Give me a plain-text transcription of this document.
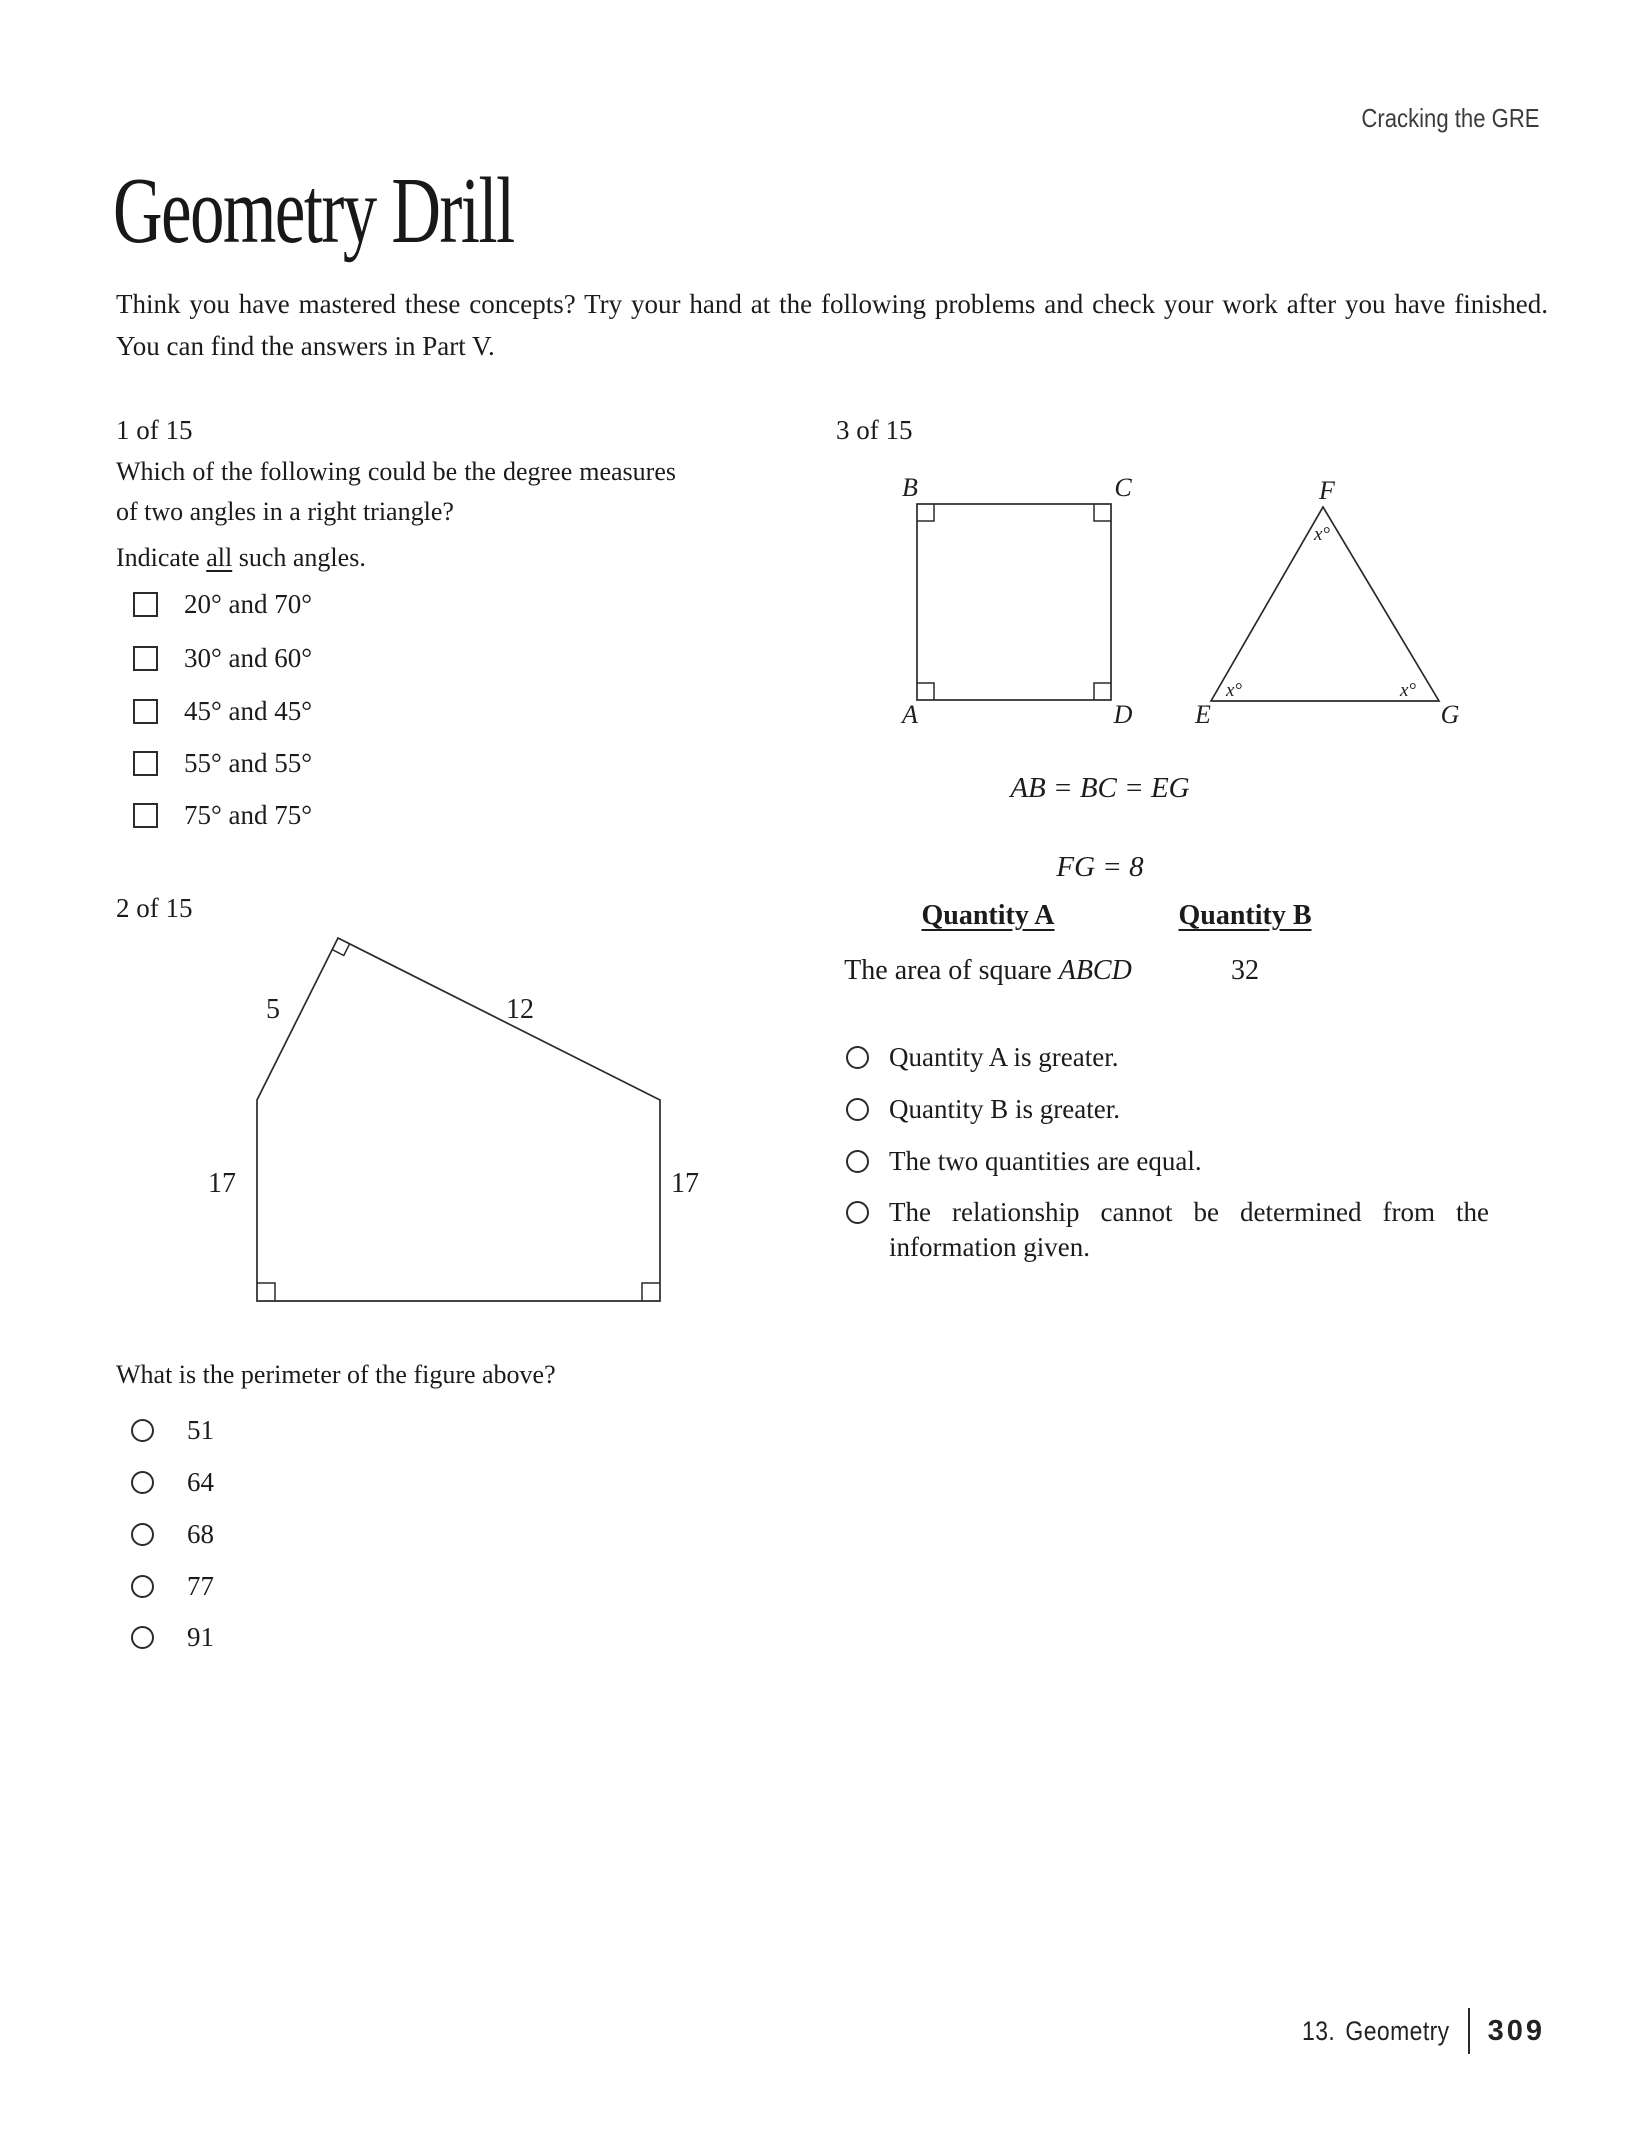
Cracking the GRE
Geometry Drill

Think you have mastered these concepts? Try your hand at the following problems and check your work after you have finished. You can find the answers in Part V.

1 of 15
Which of the following could be the degree measures of two angles in a right triangle?
Indicate all such angles.
20° and 70°
30° and 60°
45° and 45°
55° and 55°
75° and 75°
2 of 15
5	12
17	17
What is the perimeter of the figure above?
51
64
68
77
91
3 of 15
B	C
A	D E
F
G
x°
x°	x°
AB = BC = EG
FG = 8
Quantity A	Quantity B
The area of square ABCD	32
Quantity A is greater.
Quantity B is greater.
The two quantities are equal.
The relationship cannot be determined from the information given.
13. Geometry 309
